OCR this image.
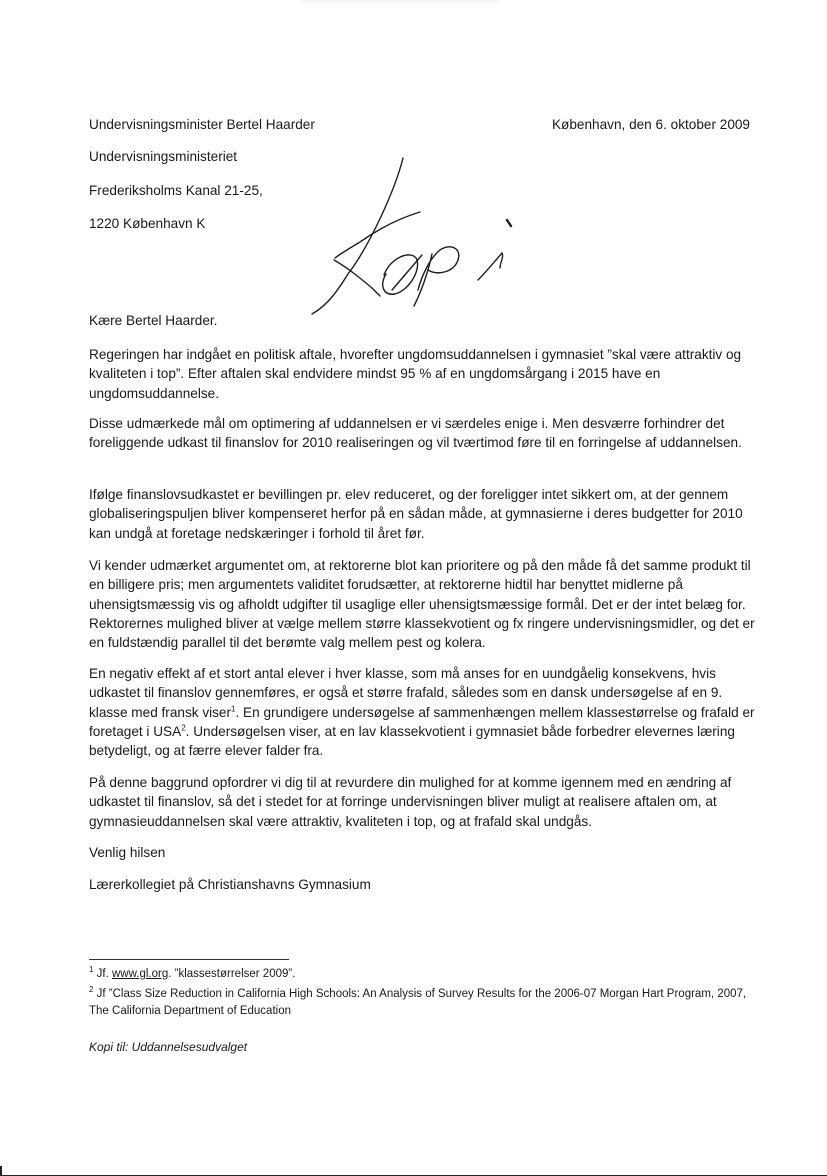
Undervisningsminister Bertel Haarder	København, den 6. oktober 2009
Undervisningsministeriet
Frederiksholms Kanal 21-25,
1220 København K
Kopi
Kære Bertel Haarder.

Regeringen har indgået en politisk aftale, hvorefter ungdomsuddannelsen i gymnasiet ”skal være attraktiv og kvaliteten i top”. Efter aftalen skal endvidere mindst 95 % af en ungdomsårgang i 2015 have en ungdomsuddannelse.

Disse udmærkede mål om optimering af uddannelsen er vi særdeles enige i. Men desværre forhindrer det foreliggende udkast til finanslov for 2010 realiseringen og vil tværtimod føre til en forringelse af uddannelsen.

Ifølge finanslovsudkastet er bevillingen pr. elev reduceret, og der foreligger intet sikkert om, at der gennem globaliseringspuljen bliver kompenseret herfor på en sådan måde, at gymnasierne i deres budgetter for 2010 kan undgå at foretage nedskæringer i forhold til året før.

Vi kender udmærket argumentet om, at rektorerne blot kan prioritere og på den måde få det samme produkt til en billigere pris; men argumentets validitet forudsætter, at rektorerne hidtil har benyttet midlerne på uhensigtsmæssig vis og afholdt udgifter til usaglige eller uhensigtsmæssige formål. Det er der intet belæg for. Rektorernes mulighed bliver at vælge mellem større klassekvotient og fx ringere undervisningsmidler, og det er en fuldstændig parallel til det berømte valg mellem pest og kolera.

En negativ effekt af et stort antal elever i hver klasse, som må anses for en uundgåelig konsekvens, hvis udkastet til finanslov gennemføres, er også et større frafald, således som en dansk undersøgelse af en 9. klasse med fransk viser$^1$. En grundigere undersøgelse af sammenhængen mellem klassestørrelse og frafald er foretaget i USA$^2$. Undersøgelsen viser, at en lav klassekvotient i gymnasiet både forbedrer elevernes læring betydeligt, og at færre elever falder fra.

På denne baggrund opfordrer vi dig til at revurdere din mulighed for at komme igennem med en ændring af udkastet til finanslov, så det i stedet for at forringe undervisningen bliver muligt at realisere aftalen om, at gymnasieuddannelsen skal være attraktiv, kvaliteten i top, og at frafald skal undgås.

Venlig hilsen
Lærerkollegiet på Christianshavns Gymnasium
$^1$ Jf. www.gl.org. ”klassestørrelser 2009”.
$^2$ Jf ”Class Size Reduction in California High Schools: An Analysis of Survey Results for the 2006-07 Morgan Hart Program, 2007, The California Department of Education
Kopi til: Uddannelsesudvalget
